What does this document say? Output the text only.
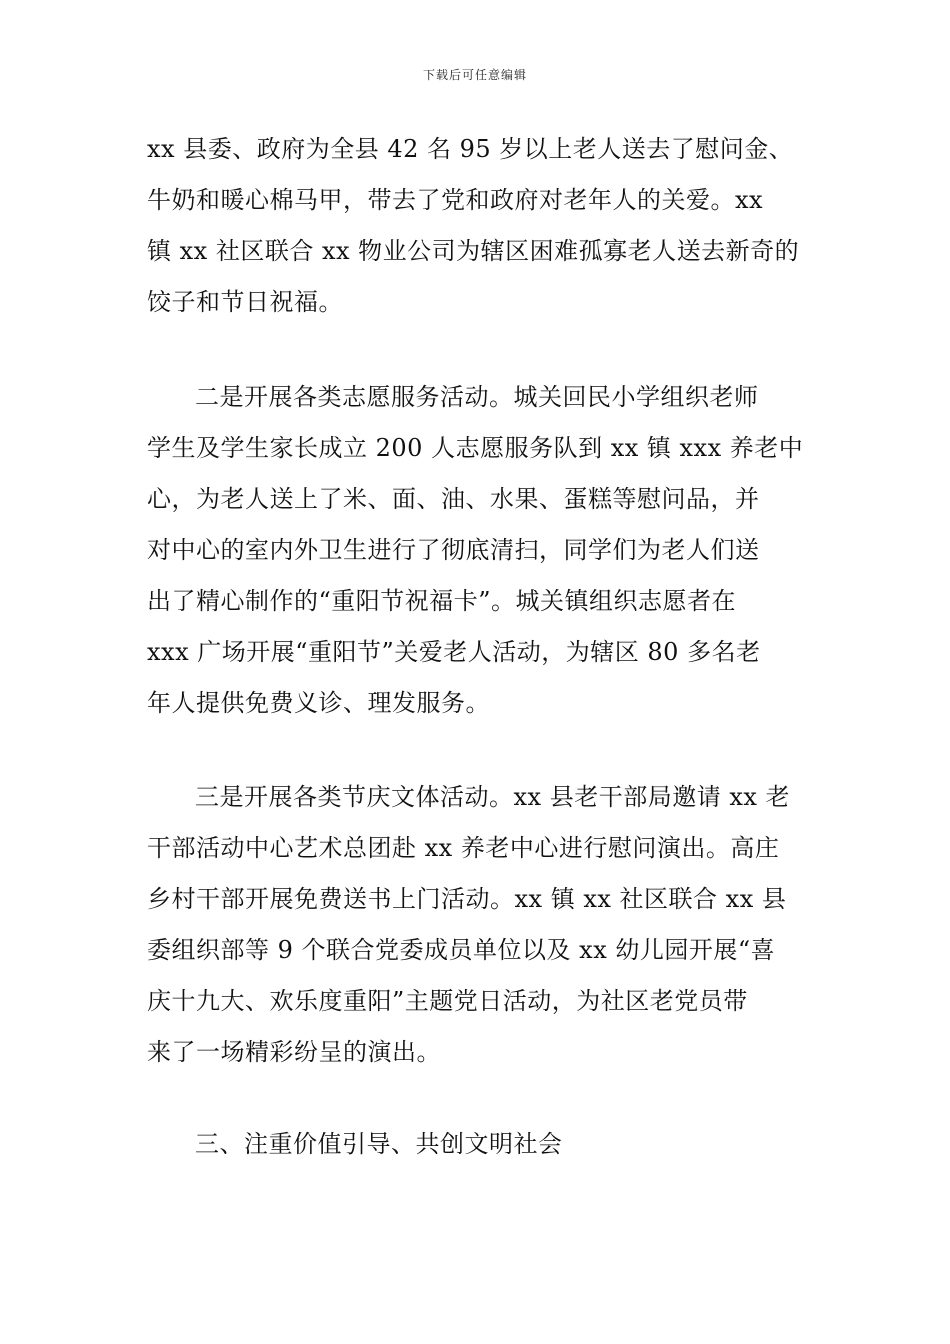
下载后可任意编辑

xx 县委、政府为全县 42 名 95 岁以上老人送去了慰问金、
牛奶和暖心棉马甲，带去了党和政府对老年人的关爱。xx
镇 xx 社区联合 xx 物业公司为辖区困难孤寡老人送去新奇的
饺子和节日祝福。

二是开展各类志愿服务活动。城关回民小学组织老师
学生及学生家长成立 200 人志愿服务队到 xx 镇 xxx 养老中
心，为老人送上了米、面、油、水果、蛋糕等慰问品，并
对中心的室内外卫生进行了彻底清扫，同学们为老人们送
出了精心制作的“重阳节祝福卡”。城关镇组织志愿者在
xxx 广场开展“重阳节”关爱老人活动，为辖区 80 多名老
年人提供免费义诊、理发服务。

三是开展各类节庆文体活动。xx 县老干部局邀请 xx 老
干部活动中心艺术总团赴 xx 养老中心进行慰问演出。高庄
乡村干部开展免费送书上门活动。xx 镇 xx 社区联合 xx 县
委组织部等 9 个联合党委成员单位以及 xx 幼儿园开展“喜
庆十九大、欢乐度重阳”主题党日活动，为社区老党员带
来了一场精彩纷呈的演出。

三、注重价值引导、共创文明社会
